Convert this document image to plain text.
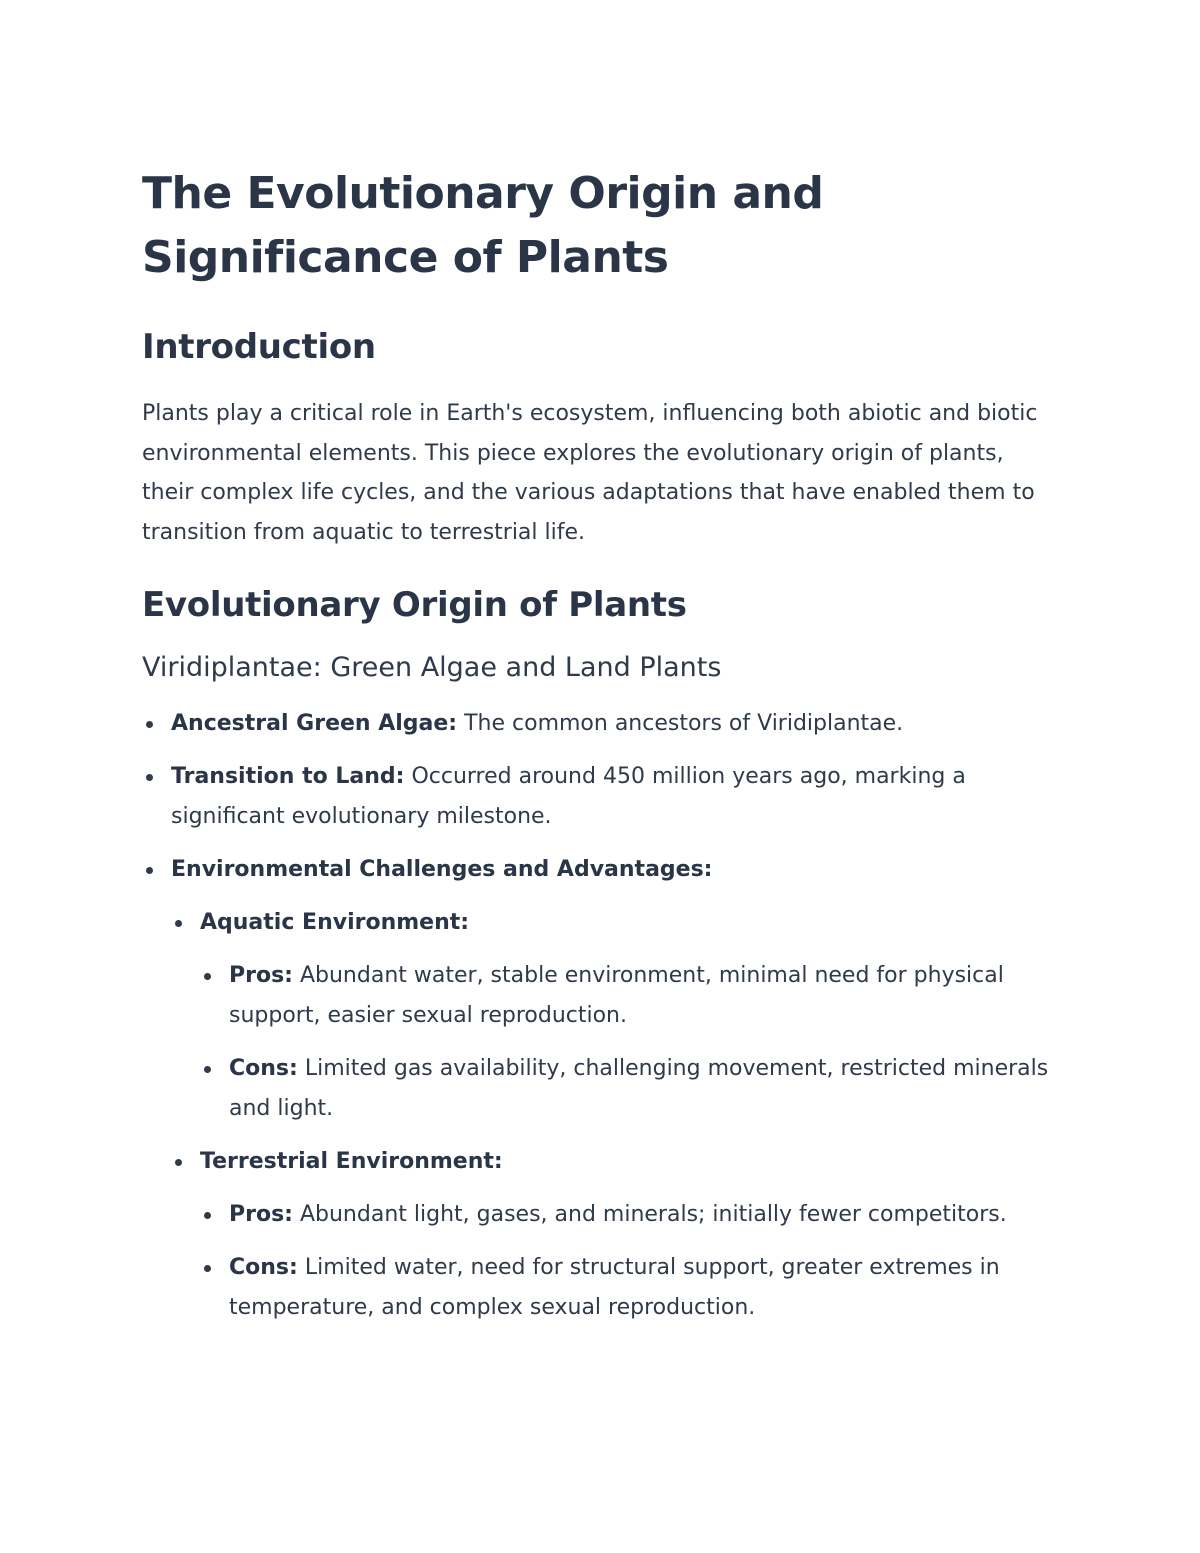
The Evolutionary Origin and Significance of Plants
Introduction

Plants play a critical role in Earth's ecosystem, influencing both abiotic and biotic environmental elements. This piece explores the evolutionary origin of plants, their complex life cycles, and the various adaptations that have enabled them to transition from aquatic to terrestrial life.

Evolutionary Origin of Plants
Viridiplantae: Green Algae and Land Plants
Ancestral Green Algae: The common ancestors of Viridiplantae.
Transition to Land: Occurred around 450 million years ago, marking a significant evolutionary milestone.
Environmental Challenges and Advantages:
Aquatic Environment:
Pros: Abundant water, stable environment, minimal need for physical support, easier sexual reproduction.
Cons: Limited gas availability, challenging movement, restricted minerals and light.
Terrestrial Environment:
Pros: Abundant light, gases, and minerals; initially fewer competitors.
Cons: Limited water, need for structural support, greater extremes in temperature, and complex sexual reproduction.
